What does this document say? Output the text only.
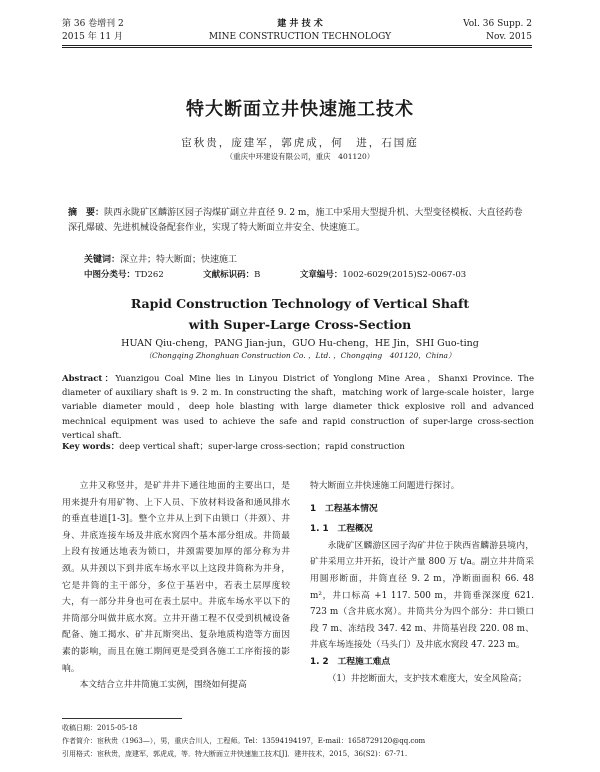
第 36 卷增刊 2
2015 年 11 月
建 井 技 术
MINE CONSTRUCTION TECHNOLOGY
Vol. 36 Supp. 2
Nov. 2015
特大断面立井快速施工技术
宦秋贵，庞建军，郭虎成，何　进，石国庭
（重庆中环建设有限公司，重庆　401120）
摘　要：陕西永陇矿区麟游区园子沟煤矿副立井直径 9. 2 m，施工中采用大型提升机、大型变径模板、大直径药卷深孔爆破、先进机械设备配套作业，实现了特大断面立井安全、快速施工。
关键词：深立井；特大断面；快速施工
中图分类号：TD262	文献标识码：B	文章编号：1002-6029(2015)S2-0067-03
Rapid Construction Technology of Vertical Shaft
with Super-Large Cross-Section
HUAN Qiu-cheng，PANG Jian-jun，GUO Hu-cheng，HE Jin，SHI Guo-ting
（Chongqing Zhonghuan Construction Co. ，Ltd. ，Chongqing　401120，China）
Abstract：Yuanzigou Coal Mine lies in Linyou District of Yonglong Mine Area，Shanxi Province. The diameter of auxiliary shaft is 9. 2 m. In constructing the shaft，matching work of large-scale hoister，large variable diameter mould，deep hole blasting with large diameter thick explosive roll and advanced mechnical equipment was used to achieve the safe and rapid construction of super-large cross-section vertical shaft.
Key words：deep vertical shaft；super-large cross-section；rapid construction

立井又称竖井，是矿井井下通往地面的主要出口，是用来提升有用矿物、上下人员、下放材料设备和通风排水的垂直巷道[1-3]。整个立井从上到下由锁口（井颈）、井身、井底连接车场及井底水窝四个基本部分组成。井筒最上段有按通达地表为锁口，井颈需要加厚的部分称为井颈。从井颈以下到井底车场水平以上这段井筒称为井身，它是井筒的主干部分，多位于基岩中，若表土层厚度较大，有一部分井身也可在表土层中。井底车场水平以下的井筒部分叫做井底水窝。立井开凿工程不仅受到机械设备配备、施工揭水、矿井瓦斯突出、复杂地质构造等方面因素的影响，而且在施工期间更是受到各施工工序衔接的影响。

本文结合立井井筒施工实例，围绕如何提高

特大断面立井快速施工问题进行探讨。

1　工程基本情况

1. 1　工程概况

永陇矿区麟游区园子沟矿井位于陕西省麟游县境内，矿井采用立井开拓，设计产量 800 万 t/a。副立井井筒采用圆形断面，井筒直径 9. 2 m，净断面面积 66. 48 m²，井口标高 +1 117. 500 m，井筒垂深深度 621. 723 m（含井底水窝）。井筒共分为四个部分：井口锁口段 7 m、冻结段 347. 42 m、井筒基岩段 220. 08 m、井底车场连接处（马头门）及井底水窝段 47. 223 m。

1. 2　工程施工难点

（1）井挖断面大，支护技术难度大，安全风险高；

收稿日期：2015-05-18
作者简介：宦秋贵（1963—），男，重庆合川人，工程师。Tel：13594194197，E-mail：1658729120@qq.com
引用格式：宦秋贵，庞建军，郭虎成，等．特大断面立井快速施工技术[J]．建井技术，2015，36(S2)：67-71.
